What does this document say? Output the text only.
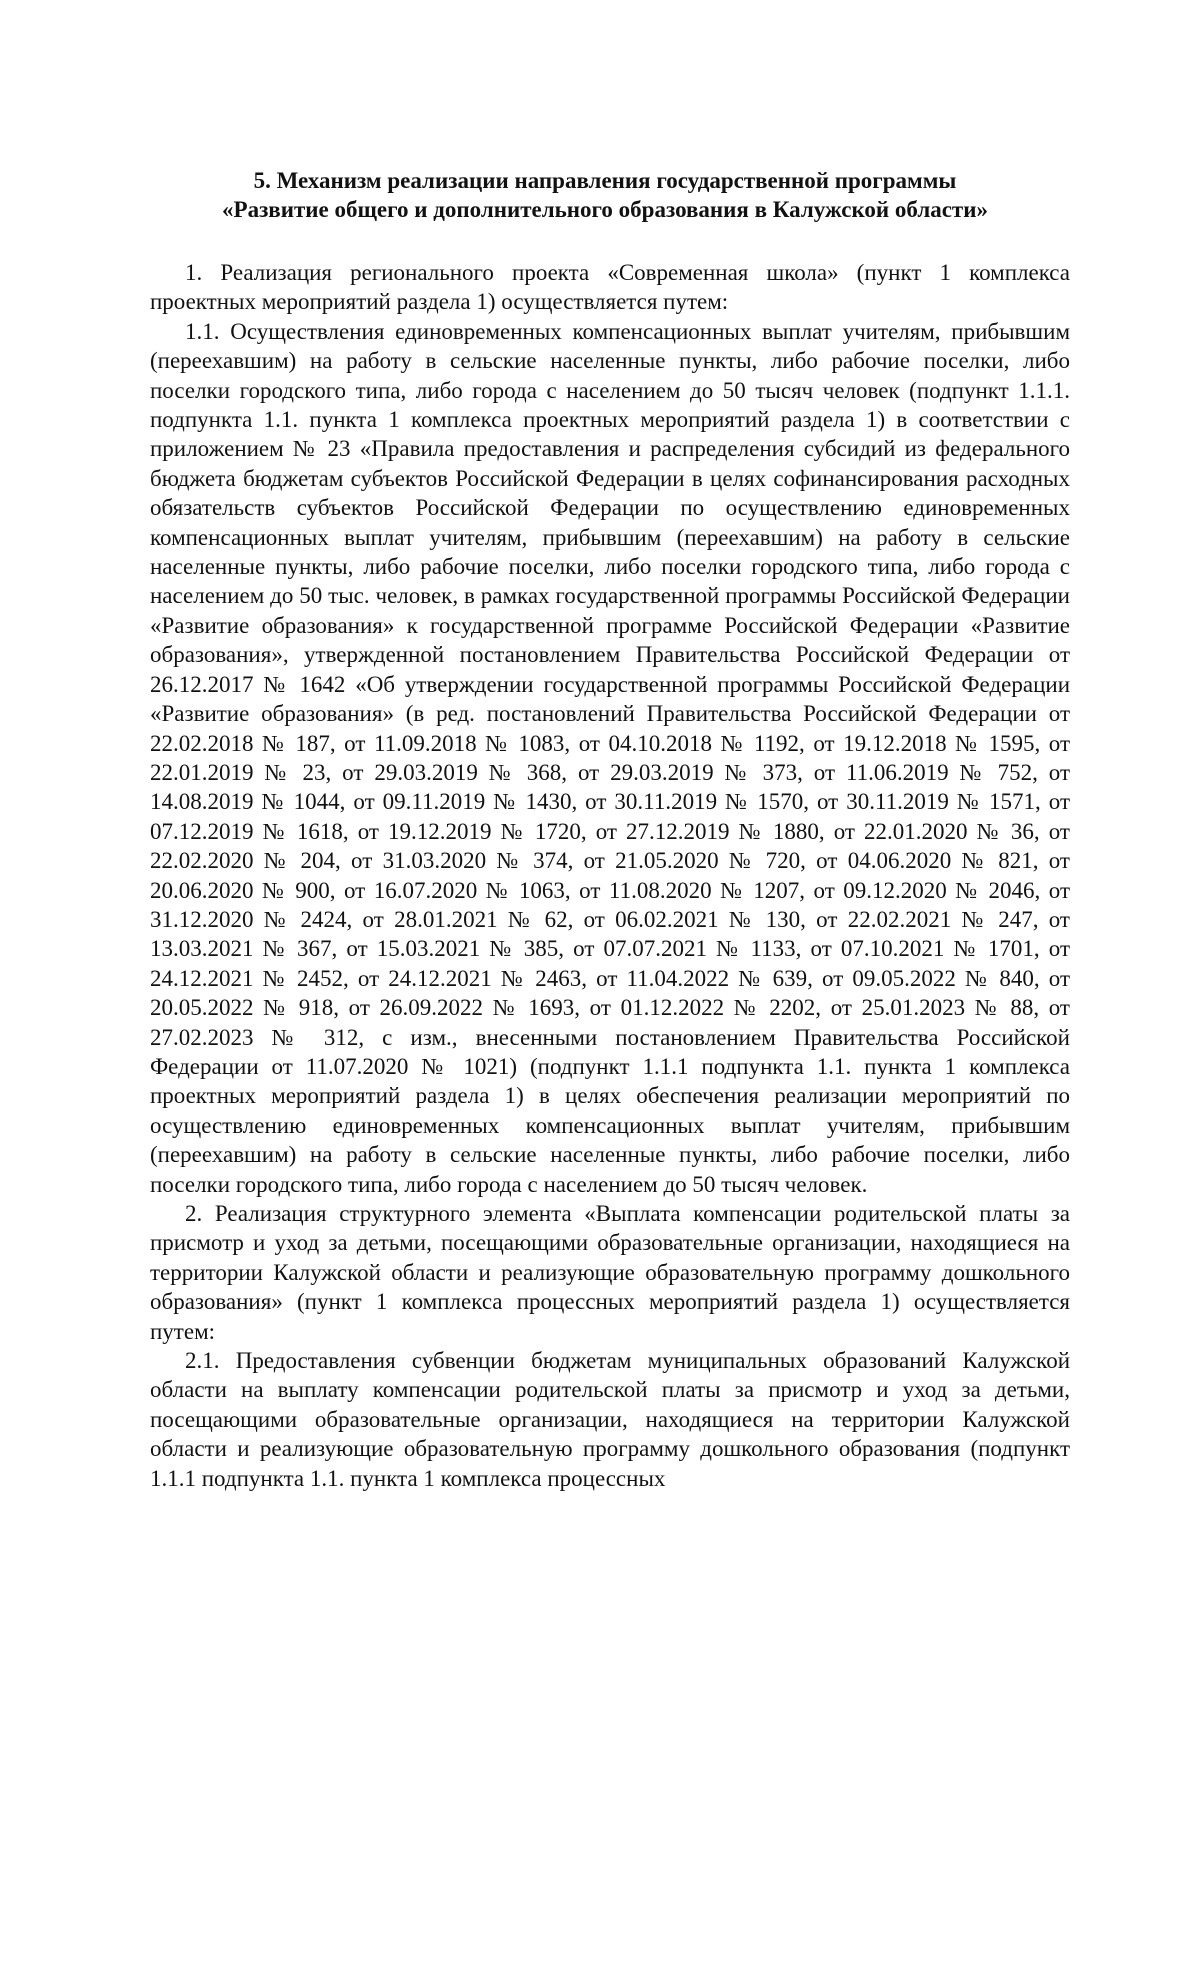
5. Механизм реализации направления государственной программы
«Развитие общего и дополнительного образования в Калужской области»

1. Реализация регионального проекта «Современная школа» (пункт 1 комплекса проектных мероприятий раздела 1) осуществляется путем:

1.1. Осуществления единовременных компенсационных выплат учителям, прибывшим (переехавшим) на работу в сельские населенные пункты, либо рабочие поселки, либо поселки городского типа, либо города с населением до 50 тысяч человек (подпункт 1.1.1. подпункта 1.1. пункта 1 комплекса проектных мероприятий раздела 1) в соответствии с приложением № 23 «Правила предоставления и распределения субсидий из федерального бюджета бюджетам субъектов Российской Федерации в целях софинансирования расходных обязательств субъектов Российской Федерации по осуществлению единовременных компенсационных выплат учителям, прибывшим (переехавшим) на работу в сельские населенные пункты, либо рабочие поселки, либо поселки городского типа, либо города с населением до 50 тыс. человек, в рамках государственной программы Российской Федерации «Развитие образования» к государственной программе Российской Федерации «Развитие образования», утвержденной постановлением Правительства Российской Федерации от 26.12.2017 № 1642 «Об утверждении государственной программы Российской Федерации «Развитие образования» (в ред. постановлений Правительства Российской Федерации от 22.02.2018 № 187, от 11.09.2018 № 1083, от 04.10.2018 № 1192, от 19.12.2018 № 1595, от 22.01.2019 № 23, от 29.03.2019 № 368, от 29.03.2019 № 373, от 11.06.2019 № 752, от 14.08.2019 № 1044, от 09.11.2019 № 1430, от 30.11.2019 № 1570, от 30.11.2019 № 1571, от 07.12.2019 № 1618, от 19.12.2019 № 1720, от 27.12.2019 № 1880, от 22.01.2020 № 36, от 22.02.2020 № 204, от 31.03.2020 № 374, от 21.05.2020 № 720, от 04.06.2020 № 821, от 20.06.2020 № 900, от 16.07.2020 № 1063, от 11.08.2020 № 1207, от 09.12.2020 № 2046, от 31.12.2020 № 2424, от 28.01.2021 № 62, от 06.02.2021 № 130, от 22.02.2021 № 247, от 13.03.2021 № 367, от 15.03.2021 № 385, от 07.07.2021 № 1133, от 07.10.2021 № 1701, от 24.12.2021 № 2452, от 24.12.2021 № 2463, от 11.04.2022 № 639, от 09.05.2022 № 840, от 20.05.2022 № 918, от 26.09.2022 № 1693, от 01.12.2022 № 2202, от 25.01.2023 № 88, от 27.02.2023 № 312, с изм., внесенными постановлением Правительства Российской Федерации от 11.07.2020 № 1021) (подпункт 1.1.1 подпункта 1.1. пункта 1 комплекса проектных мероприятий раздела 1) в целях обеспечения реализации мероприятий по осуществлению единовременных компенсационных выплат учителям, прибывшим (переехавшим) на работу в сельские населенные пункты, либо рабочие поселки, либо поселки городского типа, либо города с населением до 50 тысяч человек.

2. Реализация структурного элемента «Выплата компенсации родительской платы за присмотр и уход за детьми, посещающими образовательные организации, находящиеся на территории Калужской области и реализующие образовательную программу дошкольного образования» (пункт 1 комплекса процессных мероприятий раздела 1) осуществляется путем:

2.1. Предоставления субвенции бюджетам муниципальных образований Калужской области на выплату компенсации родительской платы за присмотр и уход за детьми, посещающими образовательные организации, находящиеся на территории Калужской области и реализующие образовательную программу дошкольного образования (подпункт 1.1.1 подпункта 1.1. пункта 1 комплекса процессных
